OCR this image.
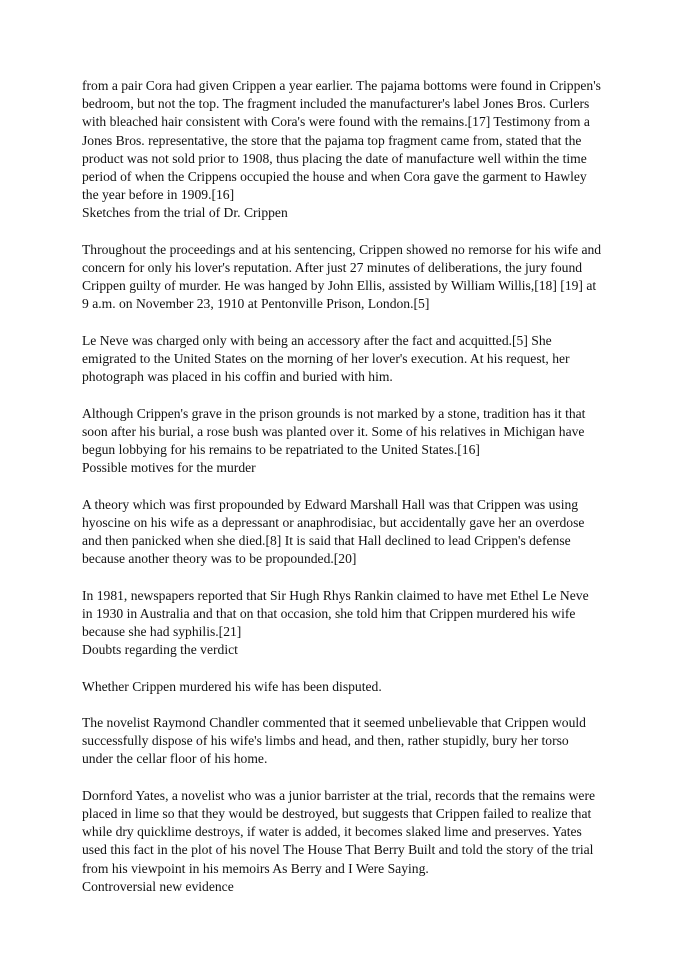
from a pair Cora had given Crippen a year earlier. The pajama bottoms were found in Crippen's bedroom, but not the top. The fragment included the manufacturer's label Jones Bros. Curlers with bleached hair consistent with Cora's were found with the remains.[17] Testimony from a Jones Bros. representative, the store that the pajama top fragment came from, stated that the product was not sold prior to 1908, thus placing the date of manufacture well within the time period of when the Crippens occupied the house and when Cora gave the garment to Hawley the year before in 1909.[16]
Sketches from the trial of Dr. Crippen
Throughout the proceedings and at his sentencing, Crippen showed no remorse for his wife and concern for only his lover's reputation. After just 27 minutes of deliberations, the jury found Crippen guilty of murder. He was hanged by John Ellis, assisted by William Willis,[18] [19] at 9 a.m. on November 23, 1910 at Pentonville Prison, London.[5]
Le Neve was charged only with being an accessory after the fact and acquitted.[5] She emigrated to the United States on the morning of her lover's execution. At his request, her photograph was placed in his coffin and buried with him.
Although Crippen's grave in the prison grounds is not marked by a stone, tradition has it that soon after his burial, a rose bush was planted over it. Some of his relatives in Michigan have begun lobbying for his remains to be repatriated to the United States.[16]
Possible motives for the murder
A theory which was first propounded by Edward Marshall Hall was that Crippen was using hyoscine on his wife as a depressant or anaphrodisiac, but accidentally gave her an overdose and then panicked when she died.[8] It is said that Hall declined to lead Crippen's defense because another theory was to be propounded.[20]
In 1981, newspapers reported that Sir Hugh Rhys Rankin claimed to have met Ethel Le Neve in 1930 in Australia and that on that occasion, she told him that Crippen murdered his wife because she had syphilis.[21]
Doubts regarding the verdict
Whether Crippen murdered his wife has been disputed.
The novelist Raymond Chandler commented that it seemed unbelievable that Crippen would successfully dispose of his wife's limbs and head, and then, rather stupidly, bury her torso under the cellar floor of his home.
Dornford Yates, a novelist who was a junior barrister at the trial, records that the remains were placed in lime so that they would be destroyed, but suggests that Crippen failed to realize that while dry quicklime destroys, if water is added, it becomes slaked lime and preserves. Yates used this fact in the plot of his novel The House That Berry Built and told the story of the trial from his viewpoint in his memoirs As Berry and I Were Saying.
Controversial new evidence
